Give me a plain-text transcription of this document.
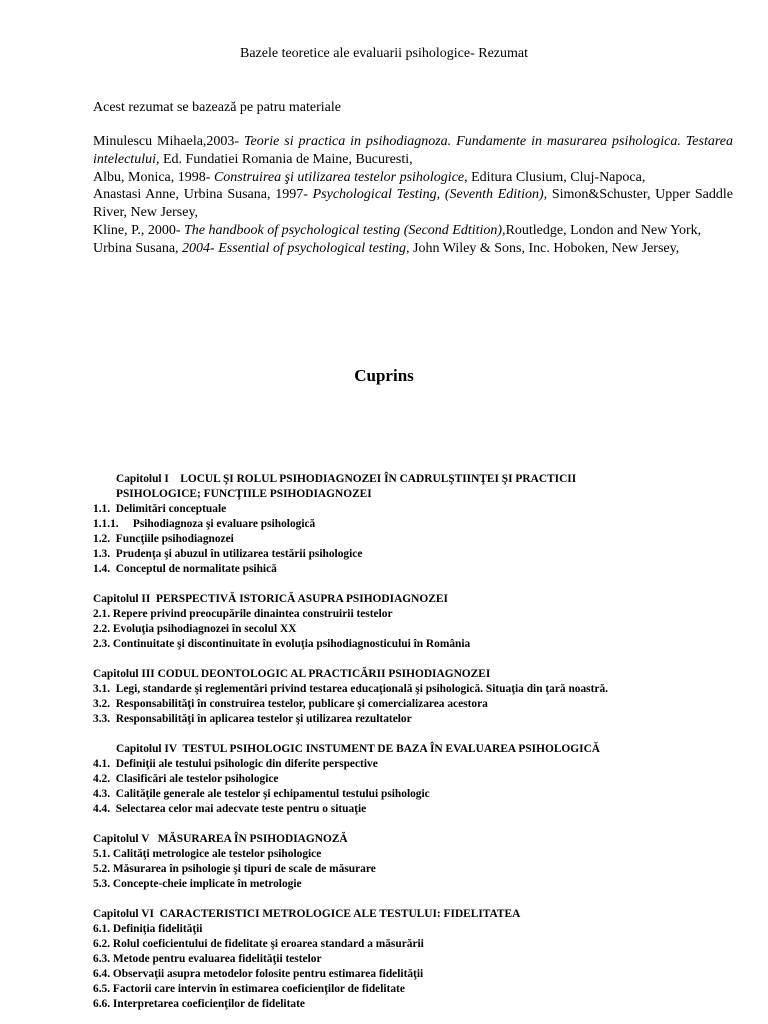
Bazele teoretice ale evaluarii psihologice- Rezumat
Acest rezumat se bazează pe patru materiale

Minulescu Mihaela,2003- Teorie si practica in psihodiagnoza. Fundamente in masurarea psihologica. Testarea intelectului, Ed. Fundatiei Romania de Maine, Bucuresti,

Albu, Monica, 1998- Construirea şi utilizarea testelor psihologice, Editura Clusium, Cluj-Napoca,

Anastasi Anne, Urbina Susana, 1997- Psychological Testing, (Seventh Edition), Simon&Schuster, Upper Saddle River, New Jersey,

Kline, P., 2000- The handbook of psychological testing (Second Edtition),Routledge, London and New York,

Urbina Susana, 2004- Essential of psychological testing, John Wiley & Sons, Inc. Hoboken, New Jersey,

Cuprins
Capitolul I    LOCUL ŞI ROLUL PSIHODIAGNOZEI ÎN CADRULŞTIINŢEI ŞI PRACTICII
PSIHOLOGICE; FUNCŢIILE PSIHODIAGNOZEI
1.1.  Delimitări conceptuale
1.1.1.     Psihodiagnoza şi evaluare psihologică
1.2.  Funcţiile psihodiagnozei
1.3.  Prudenţa şi abuzul în utilizarea testării psihologice
1.4.  Conceptul de normalitate psihică
Capitolul II  PERSPECTIVĂ ISTORICĂ ASUPRA PSIHODIAGNOZEI
2.1. Repere privind preocupările dinaintea construirii testelor
2.2. Evoluţia psihodiagnozei în secolul XX
2.3. Continuitate şi discontinuitate în evoluţia psihodiagnosticului în România
Capitolul III CODUL DEONTOLOGIC AL PRACTICĂRII PSIHODIAGNOZEI
3.1.  Legi, standarde şi reglementări privind testarea educaţională şi psihologică. Situaţia din ţară noastră.
3.2.  Responsabilităţi în construirea testelor, publicare şi comercializarea acestora
3.3.  Responsabilităţi în aplicarea testelor şi utilizarea rezultatelor
Capitolul IV  TESTUL PSIHOLOGIC INSTUMENT DE BAZA ÎN EVALUAREA PSIHOLOGICĂ
4.1.  Definiţii ale testului psihologic din diferite perspective
4.2.  Clasificări ale testelor psihologice
4.3.  Calităţile generale ale testelor şi echipamentul testului psihologic
4.4.  Selectarea celor mai adecvate teste pentru o situaţie
Capitolul V   MĂSURAREA ÎN PSIHODIAGNOZĂ
5.1. Calităţi metrologice ale testelor psihologice
5.2. Măsurarea în psihologie şi tipuri de scale de măsurare
5.3. Concepte-cheie implicate în metrologie
Capitolul VI  CARACTERISTICI METROLOGICE ALE TESTULUI: FIDELITATEA
6.1. Definiţia fidelităţii
6.2. Rolul coeficientului de fidelitate şi eroarea standard a măsurării
6.3. Metode pentru evaluarea fidelităţii testelor
6.4. Observaţii asupra metodelor folosite pentru estimarea fidelităţii
6.5. Factorii care intervin în estimarea coeficienţilor de fidelitate
6.6. Interpretarea coeficienţilor de fidelitate
